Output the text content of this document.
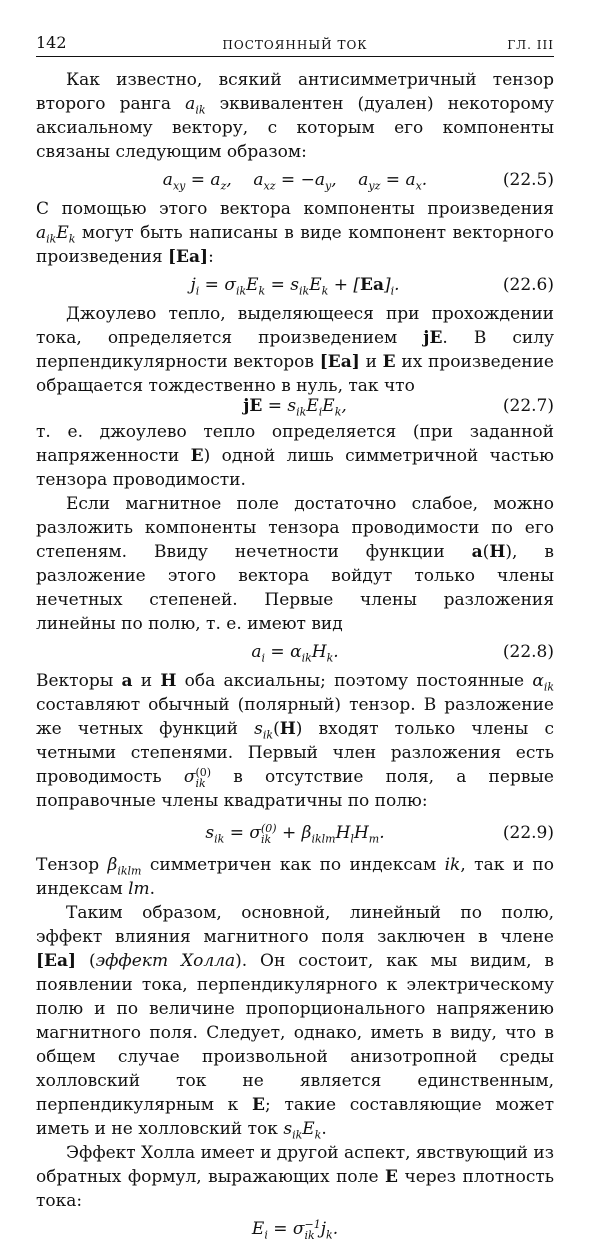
142	ПОСТОЯННЫЙ ТОК	ГЛ. III

Как известно, всякий антисимметричный тензор второго ранга $a_{ik}$ эквивалентен (дуален) некоторому аксиальному вектору, с которым его компоненты связаны следующим образом:

$a_{xy} = a_z$,    $a_{xz} = -a_y$,    $a_{yz} = a_x$.	(22.5)

С помощью этого вектора компоненты произведения $a_{ik}E_k$ могут быть написаны в виде компонент векторного произведения [Ea]:

$j_i = \sigma_{ik}E_k = s_{ik}E_k + [Ea]_i$.	(22.6)

Джоулево тепло, выделяющееся при прохождении тока, определяется произведением jE. В силу перпендикулярности векторов [Ea] и E их произведение обращается тождественно в нуль, так что

jE = $s_{ik}E_iE_k$,	(22.7)

т. е. джоулево тепло определяется (при заданной напряженности E) одной лишь симметричной частью тензора проводимости.

Если магнитное поле достаточно слабое, можно разложить компоненты тензора проводимости по его степеням. Ввиду нечетности функции a(H), в разложение этого вектора войдут только члены нечетных степеней. Первые члены разложения линейны по полю, т. е. имеют вид

$a_i = \alpha_{ik}H_k$.	(22.8)

Векторы a и H оба аксиальны; поэтому постоянные $\alpha_{ik}$ составляют обычный (полярный) тензор. В разложение же четных функций $s_{ik}(H)$ входят только члены с четными степенями. Первый член разложения есть проводимость σ (0)
ik в отсутствие поля, а первые поправочные члены квадратичны по полю:

$s_{ik} = \sigma$ (0)
ik + $\beta_{iklm}H_lH_m$.	(22.9)

Тензор $\beta_{iklm}$ симметричен как по индексам ik, так и по индексам lm.

Таким образом, основной, линейный по полю, эффект влияния магнитного поля заключен в члене [Ea] (эффект Холла). Он состоит, как мы видим, в появлении тока, перпендикулярного к электрическому полю и по величине пропорционального напряжению магнитного поля. Следует, однако, иметь в виду, что в общем случае произвольной анизотропной среды холловский ток не является единственным, перпендикулярным к E; такие составляющие может иметь и не холловский ток $s_{ik}E_k$.

Эффект Холла имеет и другой аспект, явствующий из обратных формул, выражающих поле E через плотность тока:

$E_i = \sigma -1$
ik $j_k$.
